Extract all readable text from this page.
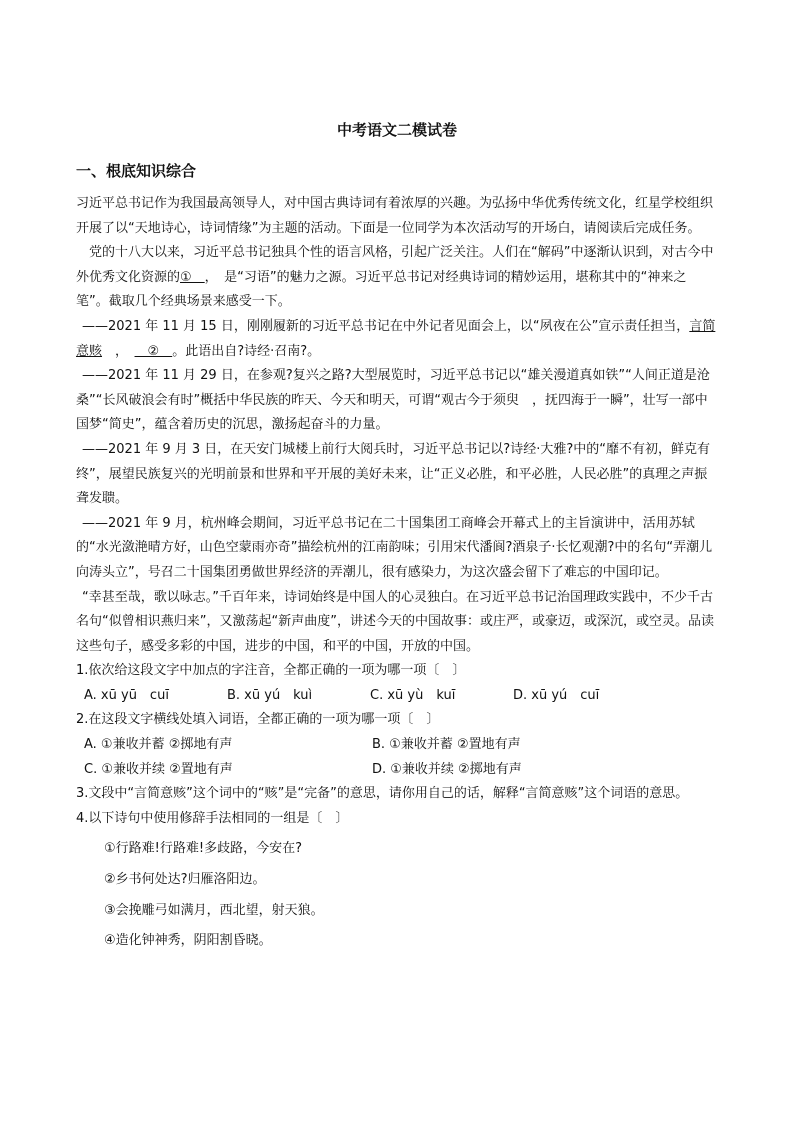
中考语文二模试卷
一、根底知识综合

习近平总书记作为我国最高领导人，对中国古典诗词有着浓厚的兴趣。为弘扬中华优秀传统文化，红星学校组织开展了以“天地诗心，诗词情缘”为主题的活动。下面是一位同学为本次活动写的开场白，请阅读后完成任务。

党的十八大以来，习近平总书记独具个性的语言风格，引起广泛关注。人们在“解码”中逐渐认识到，对古今中外优秀文化资源的①　，　是“习语”的魅力之源。习近平总书记对经典诗词的精妙运用，堪称其中的“神来之笔”。截取几个经典场景来感受一下。

——2021 年 11 月 15 日，刚刚履新的习近平总书记在中外记者见面会上，以“夙夜在公”宣示责任担当，言简意赅　，　　②　。此语出自?诗经·召南?。

——2021 年 11 月 29 日，在参观?复兴之路?大型展览时，习近平总书记以“雄关漫道真如铁”“人间正道是沧桑”“长风破浪会有时”概括中华民族的昨天、今天和明天，可谓“观古今于须臾　，抚四海于一瞬”，壮写一部中国梦“简史”，蕴含着历史的沉思，激扬起奋斗的力量。

——2021 年 9 月 3 日，在天安门城楼上前行大阅兵时，习近平总书记以?诗经·大雅?中的“靡不有初，鲜克有终”，展望民族复兴的光明前景和世界和平开展的美好未来，让“正义必胜，和平必胜，人民必胜”的真理之声振聋发聩。

——2021 年 9 月，杭州峰会期间，习近平总书记在二十国集团工商峰会开幕式上的主旨演讲中，活用苏轼的“水光潋滟晴方好，山色空蒙雨亦奇”描绘杭州的江南韵味；引用宋代潘阆?酒泉子·长忆观潮?中的名句“弄潮儿向涛头立”，号召二十国集团勇做世界经济的弄潮儿，很有感染力，为这次盛会留下了难忘的中国印记。

“幸甚至哉，歌以咏志。”千百年来，诗词始终是中国人的心灵独白。在习近平总书记治国理政实践中，不少千古名句“似曾相识燕归来”，又激荡起“新声曲度”，讲述今天的中国故事：或庄严，或豪迈，或深沉，或空灵。品读这些句子，感受多彩的中国，进步的中国，和平的中国，开放的中国。

1.依次给这段文字中加点的字注音，全都正确的一项为哪一项〔　〕

A. xū yū　cuī	B. xū yú　kuì	C. xū yù　kuī	D. xū yú　cuī

2.在这段文字横线处填入词语，全都正确的一项为哪一项〔　〕

A. ①兼收并蓄 ②掷地有声	B. ①兼收并蓄 ②置地有声
C. ①兼收并续 ②置地有声	D. ①兼收并续 ②掷地有声

3.文段中“言简意赅”这个词中的“赅”是“完备”的意思，请你用自己的话，解释“言简意赅”这个词语的意思。

4.以下诗句中使用修辞手法相同的一组是〔　〕

①行路难!行路难!多歧路，今安在?

②乡书何处达?归雁洛阳边。

③会挽雕弓如满月，西北望，射天狼。

④造化钟神秀，阴阳割昏晓。
